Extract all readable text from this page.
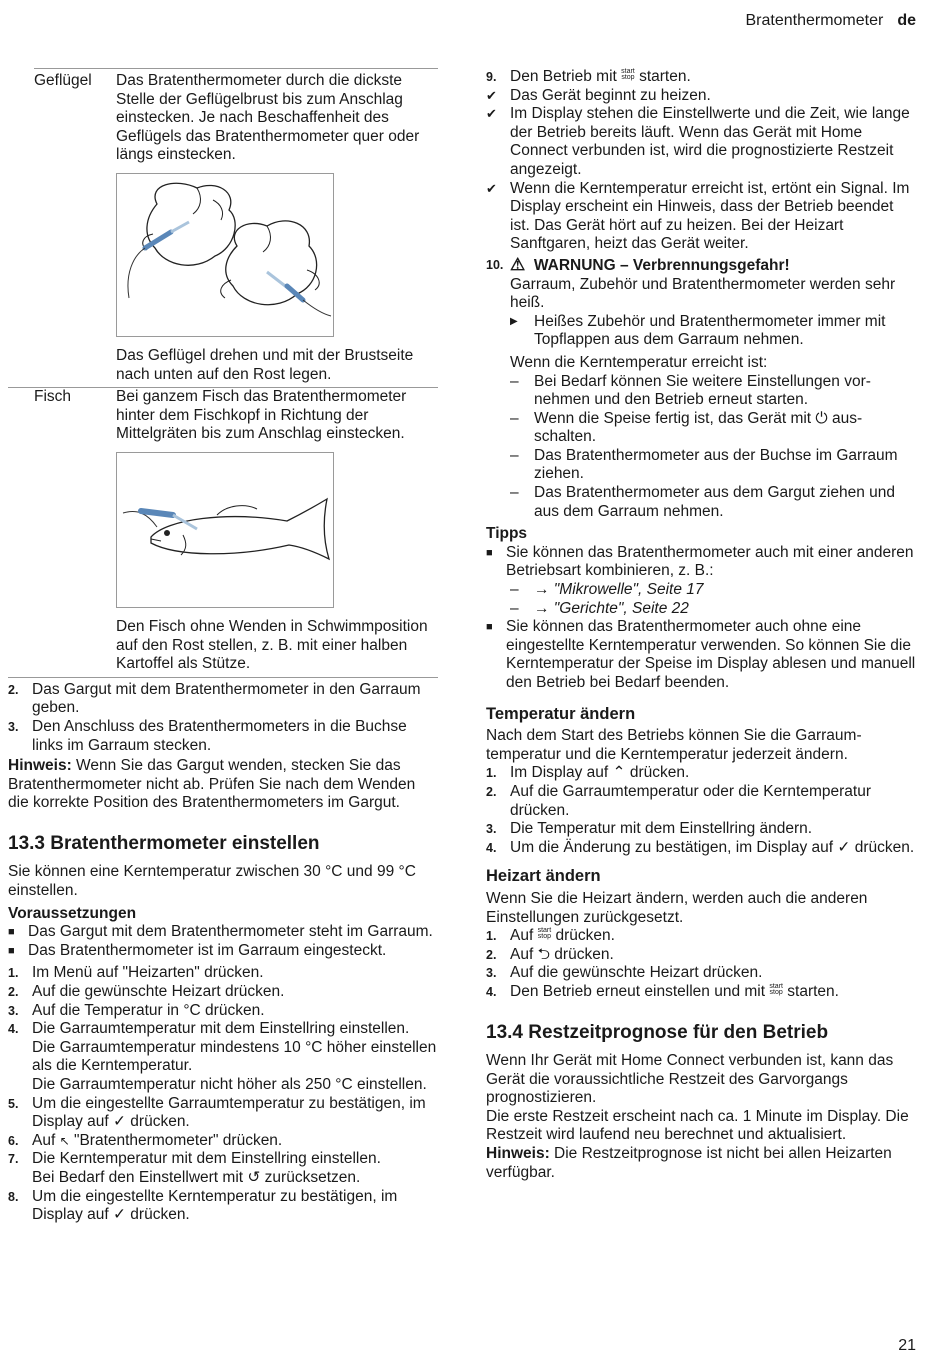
Bratenthermometer de
Geflügel	Das Bratenthermometer durch die dickste Stelle der Geflügelbrust bis zum Anschlag einstecken. Je nach Beschaffenheit des Geflügels das Bratenthermometer quer oder längs einstecken.

Das Geflügel drehen und mit der Brustseite nach unten auf den Rost legen.

Fisch	Bei ganzem Fisch das Bratenthermometer hinter dem Fischkopf in Richtung der Mittelgräten bis zum Anschlag einstecken.

Den Fisch ohne Wenden in Schwimmposition auf den Rost stellen, z. B. mit einer halben Kartoffel als Stütze.

2. Das Gargut mit dem Bratenthermometer in den Garraum geben.
3. Den Anschluss des Bratenthermometers in die Buchse links im Garraum stecken.

Hinweis: Wenn Sie das Gargut wenden, stecken Sie das Bratenthermometer nicht ab. Prüfen Sie nach dem Wenden die korrekte Position des Bratenthermometers im Gargut.

13.3 Bratenthermometer einstellen

Sie können eine Kerntemperatur zwischen 30 °C und 99 °C einstellen.

Voraussetzungen
■ Das Gargut mit dem Bratenthermometer steht im Garraum.
■ Das Bratenthermometer ist im Garraum eingesteckt.
1. Im Menü auf "Heizarten" drücken.
2. Auf die gewünschte Heizart drücken.
3. Auf die Temperatur in °C drücken.
4. Die Garraumtemperatur mit dem Einstellring einstellen.
Die Garraumtemperatur mindestens 10 °C höher einstellen als die Kerntemperatur.
Die Garraumtemperatur nicht höher als 250 °C einstellen.
5. Um die eingestellte Garraumtemperatur zu bestätigen, im Display auf ✓ drücken.
6. Auf ↖ "Bratenthermometer" drücken.
7. Die Kerntemperatur mit dem Einstellring einstellen.
Bei Bedarf den Einstellwert mit ↺ zurücksetzen.
8. Um die eingestellte Kerntemperatur zu bestätigen, im Display auf ✓ drücken.
9. Den Betrieb mit start
stop starten.
✔ Das Gerät beginnt zu heizen.
✔ Im Display stehen die Einstellwerte und die Zeit, wie lange der Betrieb bereits läuft. Wenn das Gerät mit Home Connect verbunden ist, wird die prognostizierte Restzeit angezeigt.
✔ Wenn die Kerntemperatur erreicht ist, ertönt ein Signal. Im Display erscheint ein Hinweis, dass der Betrieb beendet ist. Das Gerät hört auf zu heizen. Bei der Heizart Sanftgaren, heizt das Gerät weiter.
10. ⚠ WARNUNG – Verbrennungsgefahr!

Garraum, Zubehör und Bratenthermometer werden sehr heiß.

▶	Heißes Zubehör und Bratenthermometer immer mit Topflappen aus dem Garraum nehmen.

Wenn die Kerntemperatur erreicht ist:

– Bei Bedarf können Sie weitere Einstellungen vornehmen und den Betrieb erneut starten.
– Wenn die Speise fertig ist, das Gerät mit ⏻ ausschalten.
– Das Bratenthermometer aus der Buchse im Garraum ziehen.
– Das Bratenthermometer aus dem Gargut ziehen und aus dem Garraum nehmen.
Tipps
■ Sie können das Bratenthermometer auch mit einer anderen Betriebsart kombinieren, z. B.:
– → "Mikrowelle", Seite 17
– → "Gerichte", Seite 22
■ Sie können das Bratenthermometer auch ohne eine eingestellte Kerntemperatur verwenden. So können Sie die Kerntemperatur der Speise im Display ablesen und manuell den Betrieb bei Bedarf beenden.
Temperatur ändern

Nach dem Start des Betriebs können Sie die Garraumtemperatur und die Kerntemperatur jederzeit ändern.

1. Im Display auf ⌃ drücken.
2. Auf die Garraumtemperatur oder die Kerntemperatur drücken.
3. Die Temperatur mit dem Einstellring ändern.
4. Um die Änderung zu bestätigen, im Display auf ✓ drücken.
Heizart ändern

Wenn Sie die Heizart ändern, werden auch die anderen Einstellungen zurückgesetzt.

1. Auf start
stop drücken.
2. Auf ⮌ drücken.
3. Auf die gewünschte Heizart drücken.
4. Den Betrieb erneut einstellen und mit start
stop starten.
13.4 Restzeitprognose für den Betrieb

Wenn Ihr Gerät mit Home Connect verbunden ist, kann das Gerät die voraussichtliche Restzeit des Garvorgangs prognostizieren.

Die erste Restzeit erscheint nach ca. 1 Minute im Display. Die Restzeit wird laufend neu berechnet und aktualisiert.

Hinweis: Die Restzeitprognose ist nicht bei allen Heizarten verfügbar.

21
